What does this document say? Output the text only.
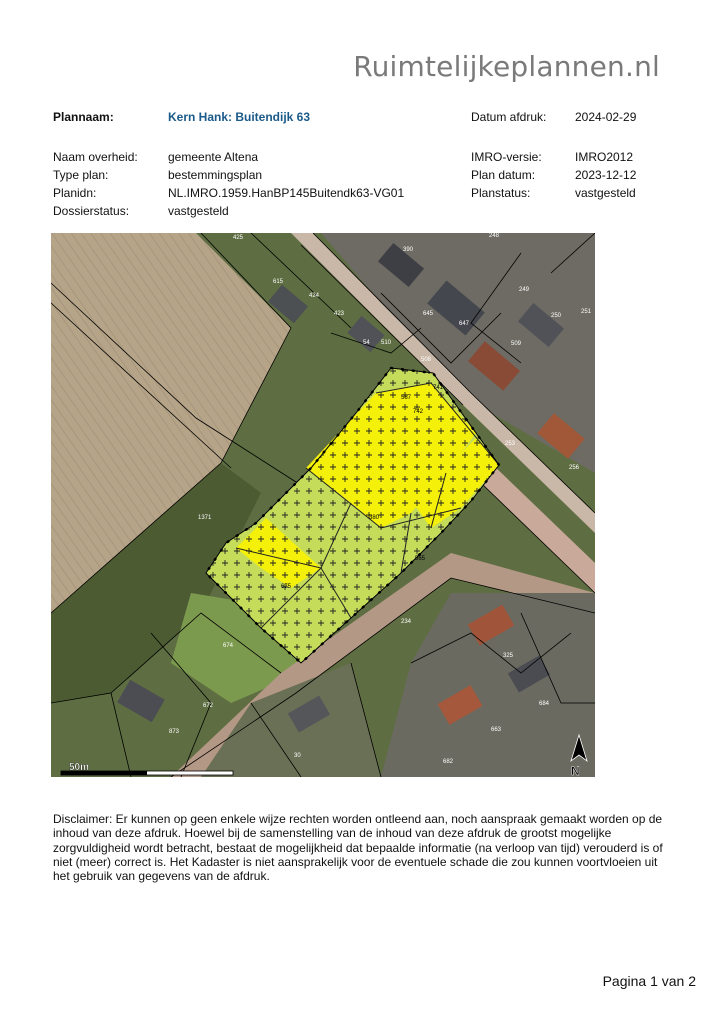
Ruimtelijkeplannen.nl
Plannaam:	Kern Hank: Buitendijk 63	Datum afdruk: 2024-02-29
Naam overheid:	gemeente Altena	IMRO-versie:	IMRO2012
Type plan:	bestemmingsplan	Plan datum:	2023-12-12
Planidn:	NL.IMRO.1959.HanBP145Buitendk63-VG01	Planstatus:	vastgesteld
Dossierstatus:	vastgesteld
425
390
248
615
424
249
250
251
423	645
647
54 510	509
508
741
567
742
256
253
1371	380
565
675
674
234
325
672
873
30
684
663
682
50m	N
Disclaimer: Er kunnen op geen enkele wijze rechten worden ontleend aan, noch aanspraak gemaakt worden op de inhoud van deze afdruk. Hoewel bij de samenstelling van de inhoud van deze afdruk de grootst mogelijke zorgvuldigheid wordt betracht, bestaat de mogelijkheid dat bepaalde informatie (na verloop van tijd) verouderd is of niet (meer) correct is. Het Kadaster is niet aansprakelijk voor de eventuele schade die zou kunnen voortvloeien uit het gebruik van gegevens van de afdruk.
Pagina 1 van 2
